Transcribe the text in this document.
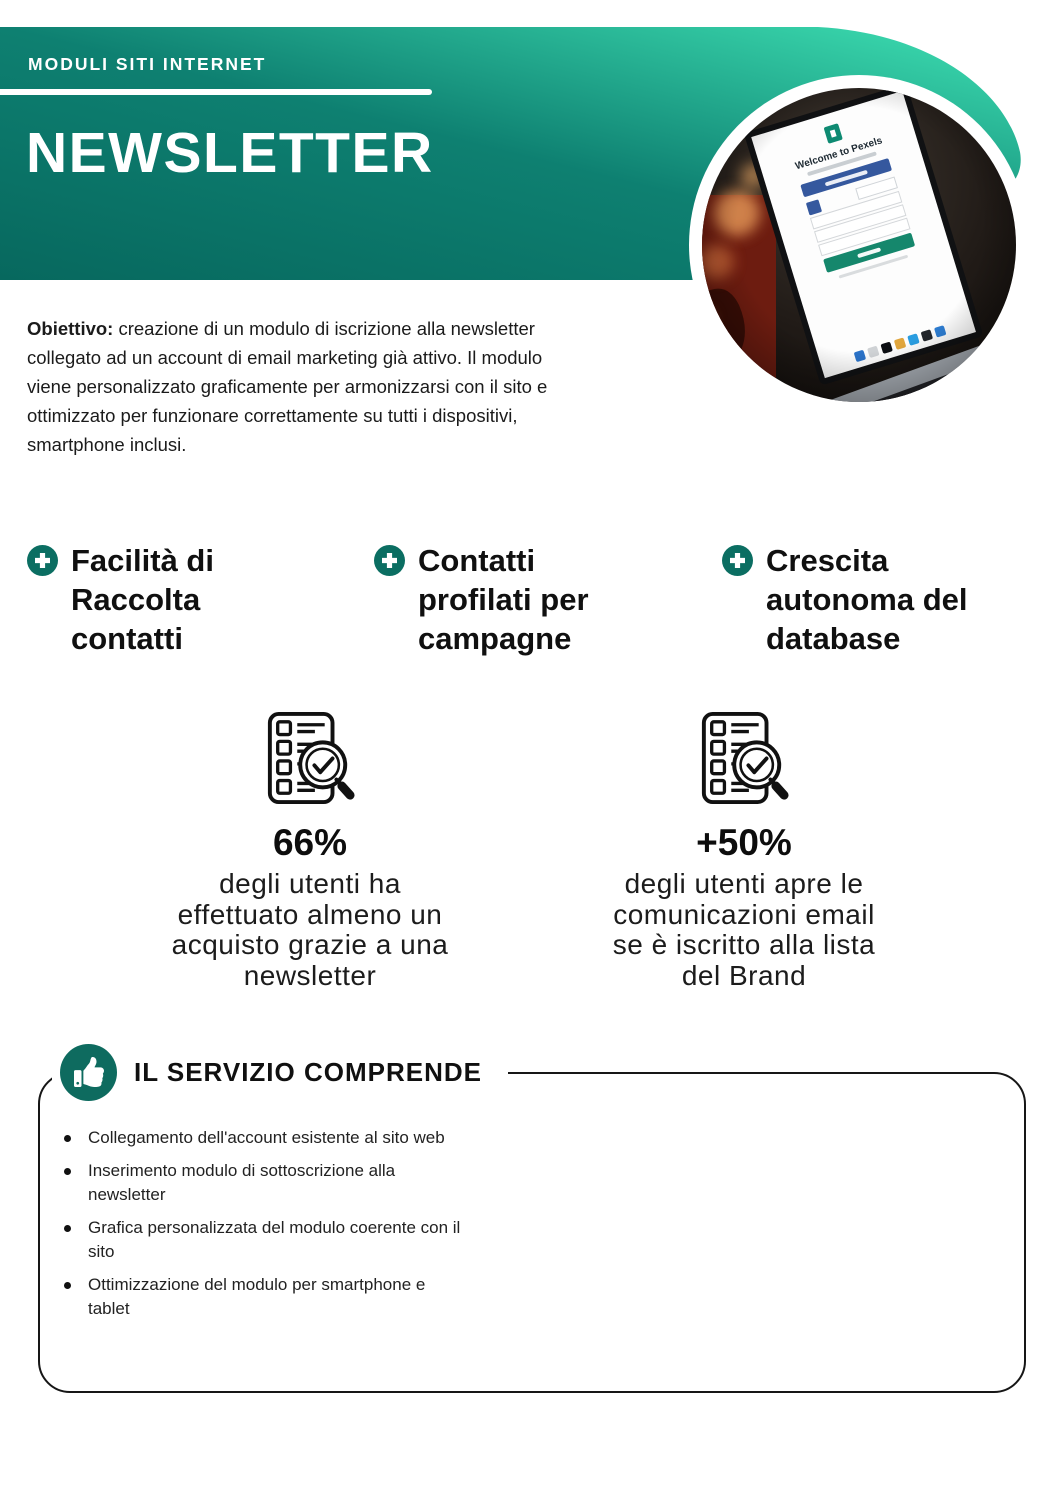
MODULI SITI INTERNET
NEWSLETTER

Obiettivo: creazione di un modulo di iscrizione alla newsletter
collegato ad un account di email marketing già attivo. Il modulo
viene personalizzato graficamente per armonizzarsi con il sito e
ottimizzato per funzionare correttamente su tutti i dispositivi,
smartphone inclusi.

Facilità di Raccolta contatti
Contatti profilati per campagne
Crescita autonoma del database
66%
degli utenti ha
effettuato almeno un
acquisto grazie a una
newsletter
+50%
degli utenti apre le
comunicazioni email
se è iscritto alla lista
del Brand
IL SERVIZIO COMPRENDE
Collegamento dell'account esistente al sito web
Inserimento modulo di sottoscrizione alla
newsletter
Grafica personalizzata del modulo coerente con il
sito
Ottimizzazione del modulo per smartphone e
tablet
